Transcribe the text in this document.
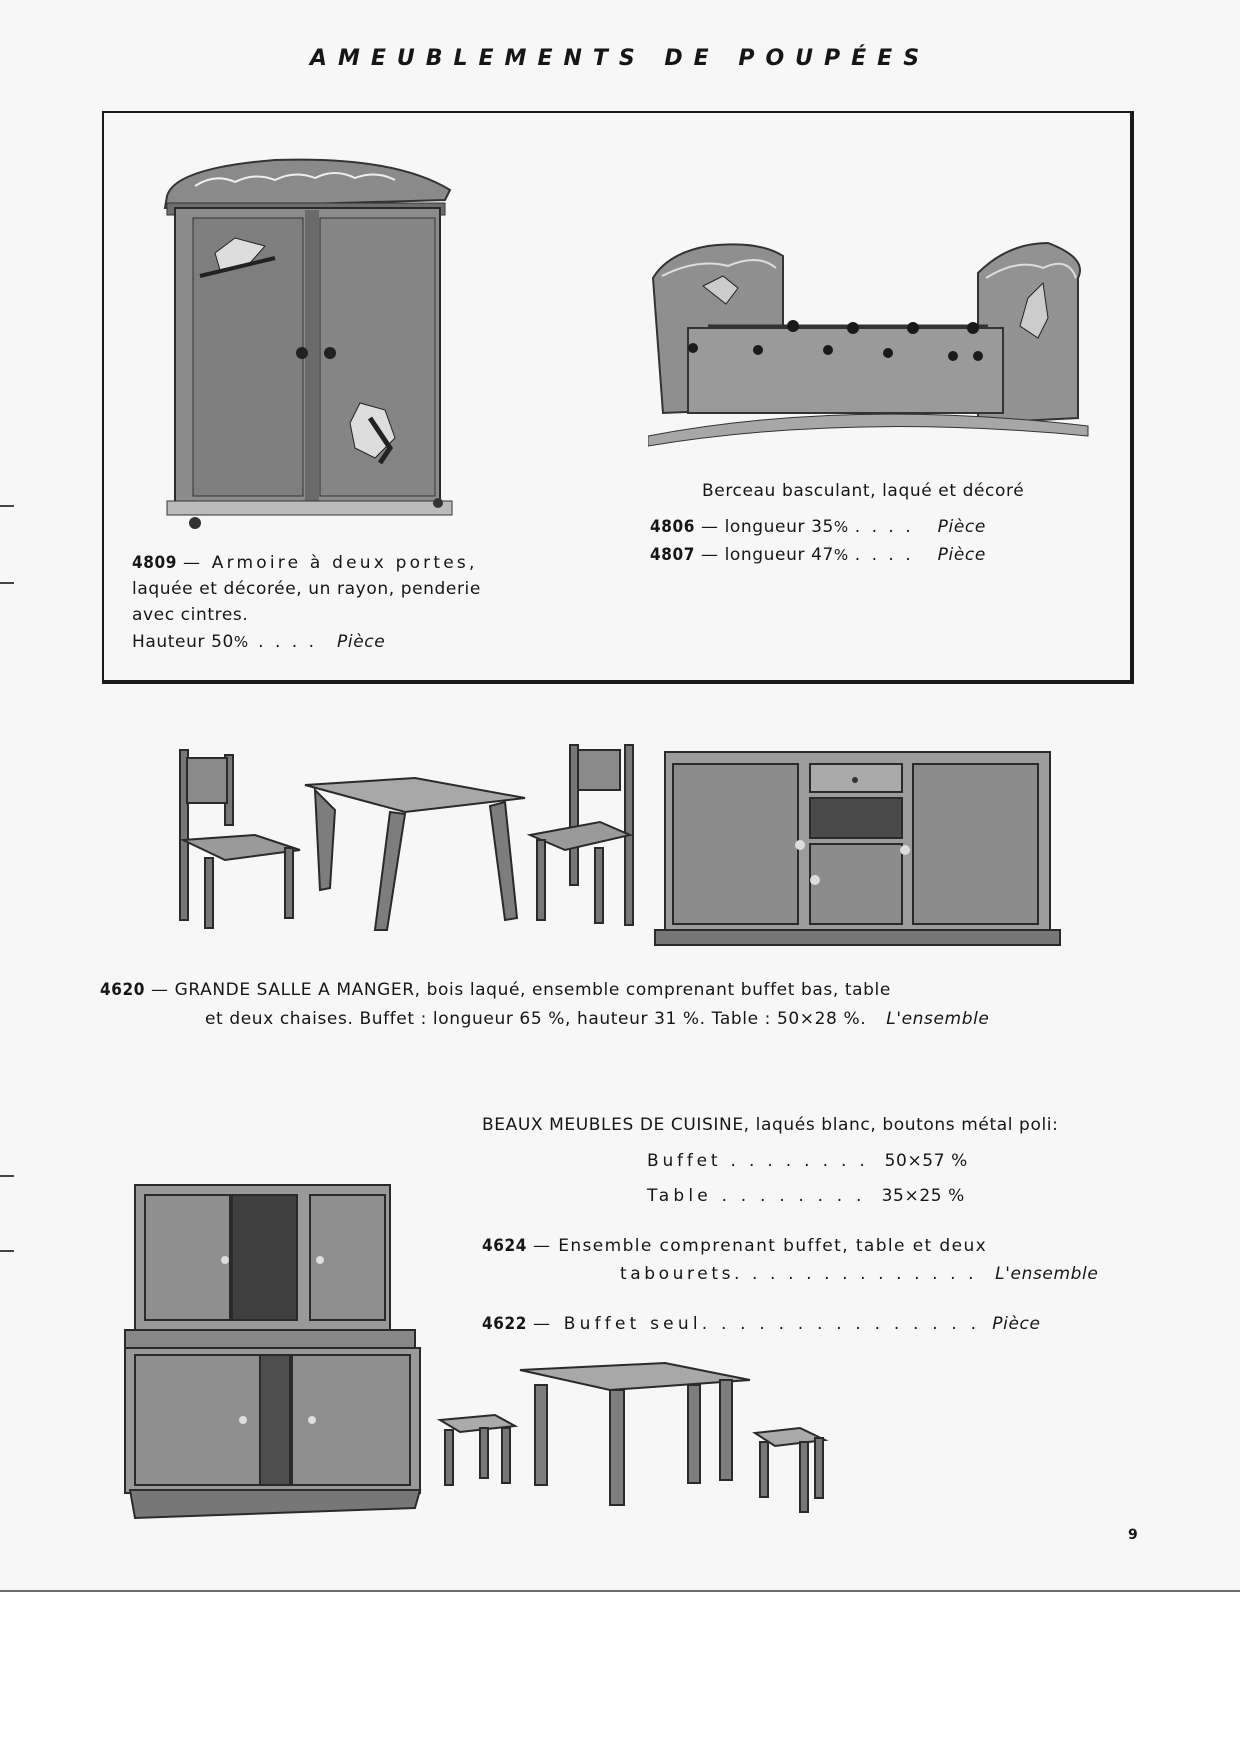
AMEUBLEMENTS DE POUPÉES
4809 — Armoire à deux portes,
laquée et décorée, un rayon, penderie
avec cintres.
Hauteur 50% . . . . Pièce
Berceau basculant, laqué et décoré
4806 — longueur 35% . . . . Pièce
4807 — longueur 47% . . . . Pièce
4620 — GRANDE SALLE A MANGER, bois laqué, ensemble comprenant buffet bas, table
et deux chaises. Buffet : longueur 65 %, hauteur 31 %. Table : 50×28 %. L'ensemble
BEAUX MEUBLES DE CUISINE, laqués blanc, boutons métal poli:
Buffet . . . . . . . . 50×57 %
Table . . . . . . . . 35×25 %
4624 — Ensemble comprenant buffet, table et deux
tabourets. . . . . . . . . . . . . . L'ensemble
4622 — Buffet seul. . . . . . . . . . . . . . . Pièce
9
